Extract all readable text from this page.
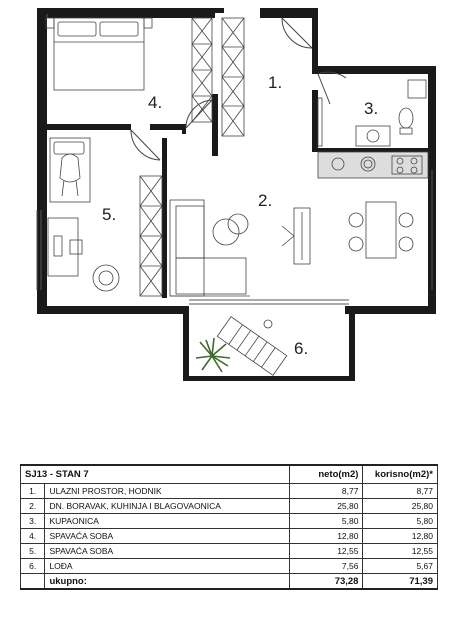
1.
2.
3.
4.
5.
6.
SJ13 - STAN 7		neto(m2)	korisno(m2)*
1.	ULAZNI PROSTOR, HODNIK	8,77	8,77
2.	DN. BORAVAK, KUHINJA I BLAGOVAONICA	25,80	25,80
3.	KUPAONICA	5,80	5,80
4.	SPAVAĆA SOBA	12,80	12,80
5.	SPAVAĆA SOBA	12,55	12,55
6.	LOĐA	7,56	5,67
	ukupno:	73,28	71,39
